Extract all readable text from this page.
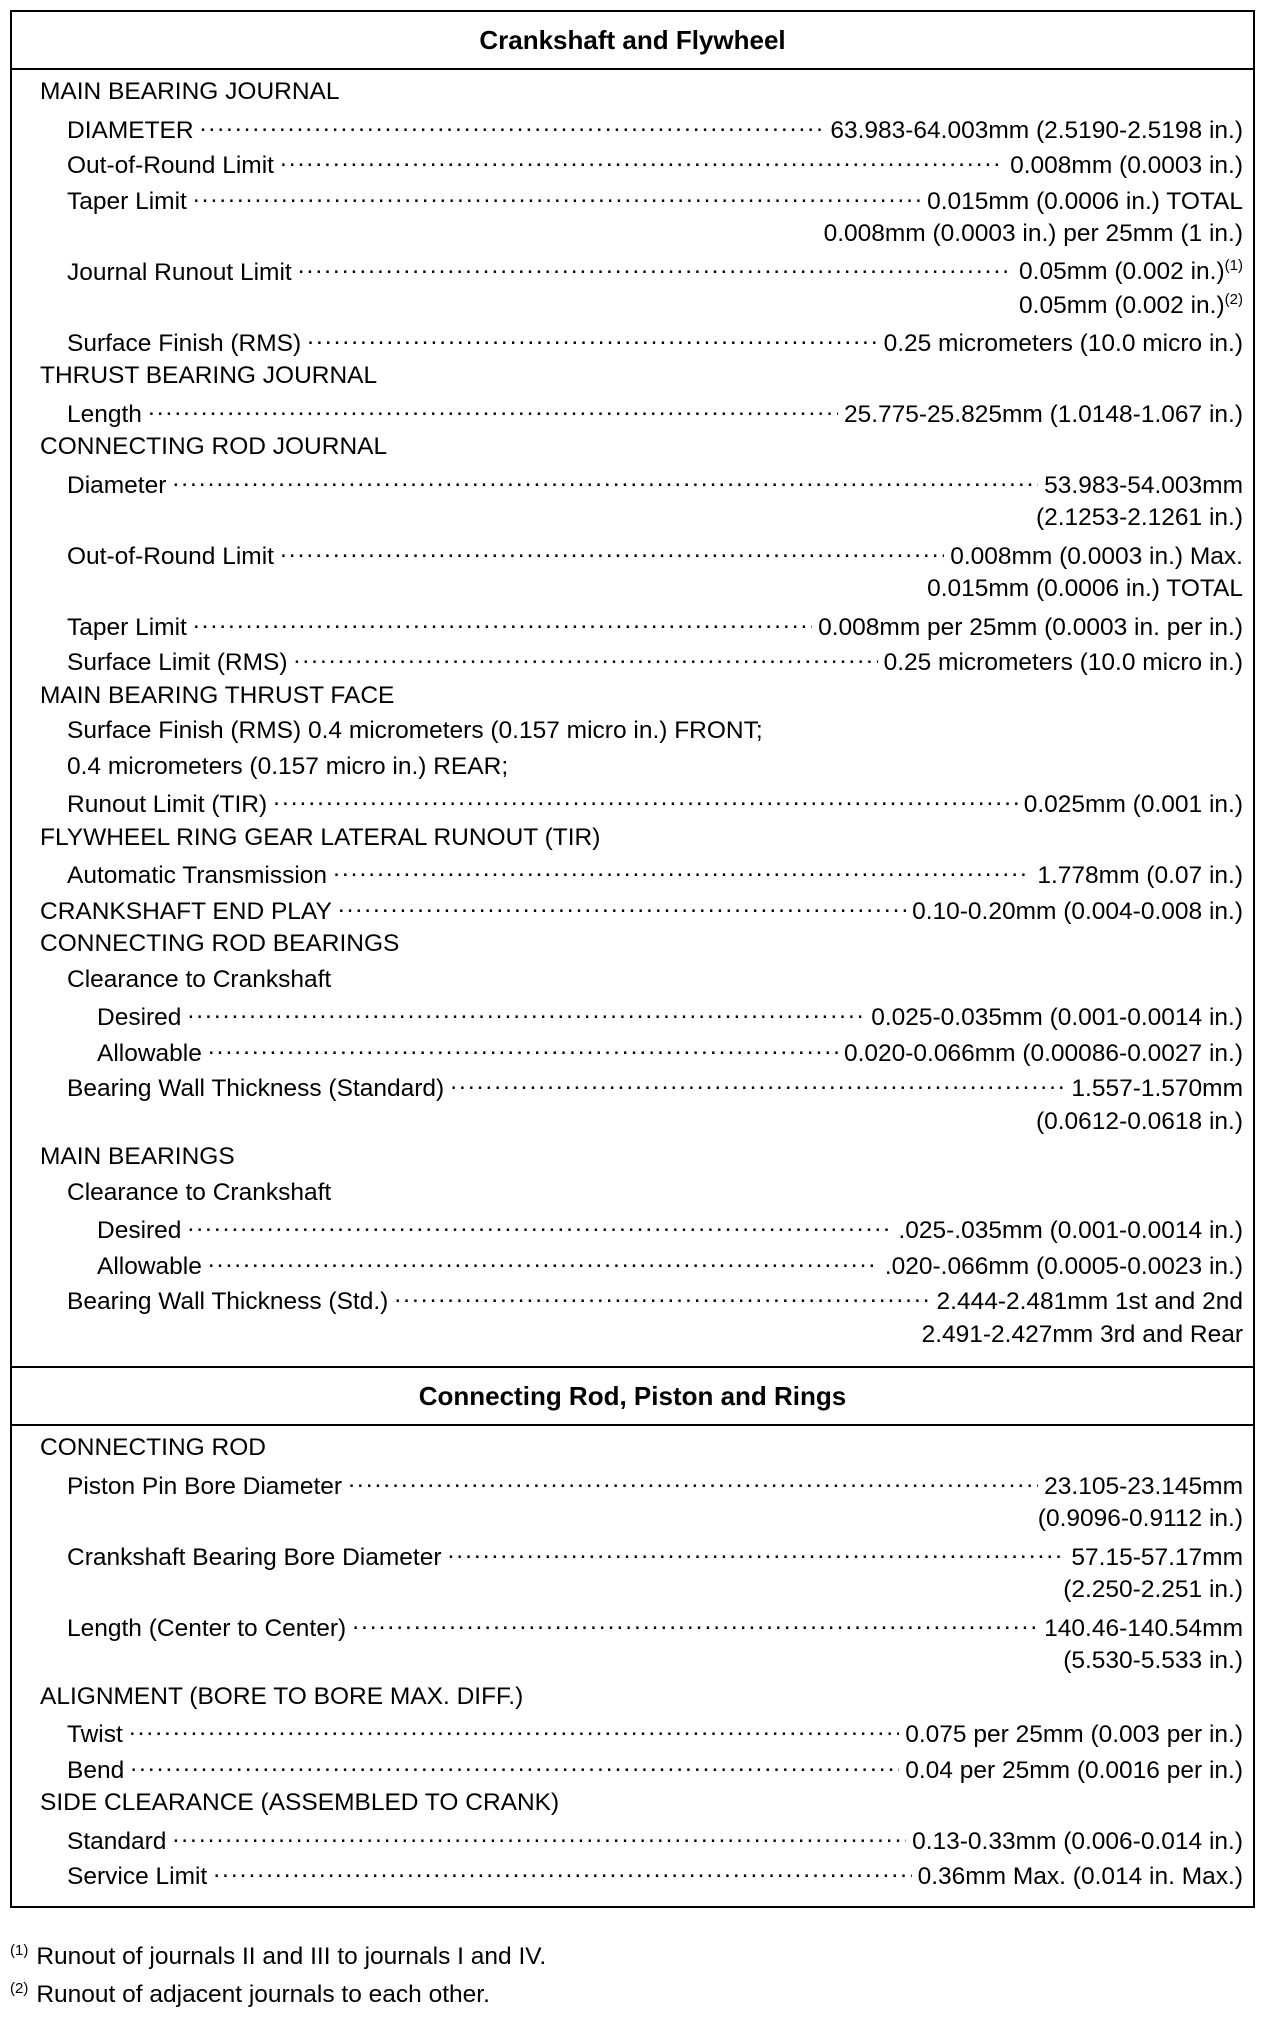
Crankshaft and Flywheel
MAIN BEARING JOURNAL
DIAMETER .....	63.983-64.003mm (2.5190-2.5198 in.)
Out-of-Round Limit .....	0.008mm (0.0003 in.)
Taper Limit .....	0.015mm (0.0006 in.) TOTAL
0.008mm (0.0003 in.) per 25mm (1 in.)
Journal Runout Limit .....	0.05mm (0.002 in.)$^{(1)}$
0.05mm (0.002 in.)$^{(2)}$
Surface Finish (RMS) .....	0.25 micrometers (10.0 micro in.)
THRUST BEARING JOURNAL
Length .....	25.775-25.825mm (1.0148-1.067 in.)
CONNECTING ROD JOURNAL
Diameter .....	53.983-54.003mm
(2.1253-2.1261 in.)
Out-of-Round Limit .....	0.008mm (0.0003 in.) Max.
0.015mm (0.0006 in.) TOTAL
Taper Limit .....	0.008mm per 25mm (0.0003 in. per in.)
Surface Limit (RMS) .....	0.25 micrometers (10.0 micro in.)
MAIN BEARING THRUST FACE
Surface Finish (RMS) 0.4 micrometers (0.157 micro in.) FRONT;
0.4 micrometers (0.157 micro in.) REAR;
Runout Limit (TIR) .....	0.025mm (0.001 in.)
FLYWHEEL RING GEAR LATERAL RUNOUT (TIR)
Automatic Transmission .....	1.778mm (0.07 in.)
CRANKSHAFT END PLAY .....	0.10-0.20mm (0.004-0.008 in.)
CONNECTING ROD BEARINGS
Clearance to Crankshaft
Desired .....	0.025-0.035mm (0.001-0.0014 in.)
Allowable .....	0.020-0.066mm (0.00086-0.0027 in.)
Bearing Wall Thickness (Standard) .....	1.557-1.570mm
(0.0612-0.0618 in.)
MAIN BEARINGS
Clearance to Crankshaft
Desired .....	.025-.035mm (0.001-0.0014 in.)
Allowable .....	.020-.066mm (0.0005-0.0023 in.)
Bearing Wall Thickness (Std.) .....	2.444-2.481mm 1st and 2nd
2.491-2.427mm 3rd and Rear
Connecting Rod, Piston and Rings
CONNECTING ROD
Piston Pin Bore Diameter .....	23.105-23.145mm
(0.9096-0.9112 in.)
Crankshaft Bearing Bore Diameter .....	57.15-57.17mm
(2.250-2.251 in.)
Length (Center to Center) .....	140.46-140.54mm
(5.530-5.533 in.)
ALIGNMENT (BORE TO BORE MAX. DIFF.)
Twist .....	0.075 per 25mm (0.003 per in.)
Bend .....	0.04 per 25mm (0.0016 per in.)
SIDE CLEARANCE (ASSEMBLED TO CRANK)
Standard .....	0.13-0.33mm (0.006-0.014 in.)
Service Limit .....	0.36mm Max. (0.014 in. Max.)
$^{(1)}$ Runout of journals II and III to journals I and IV.
$^{(2)}$ Runout of adjacent journals to each other.
